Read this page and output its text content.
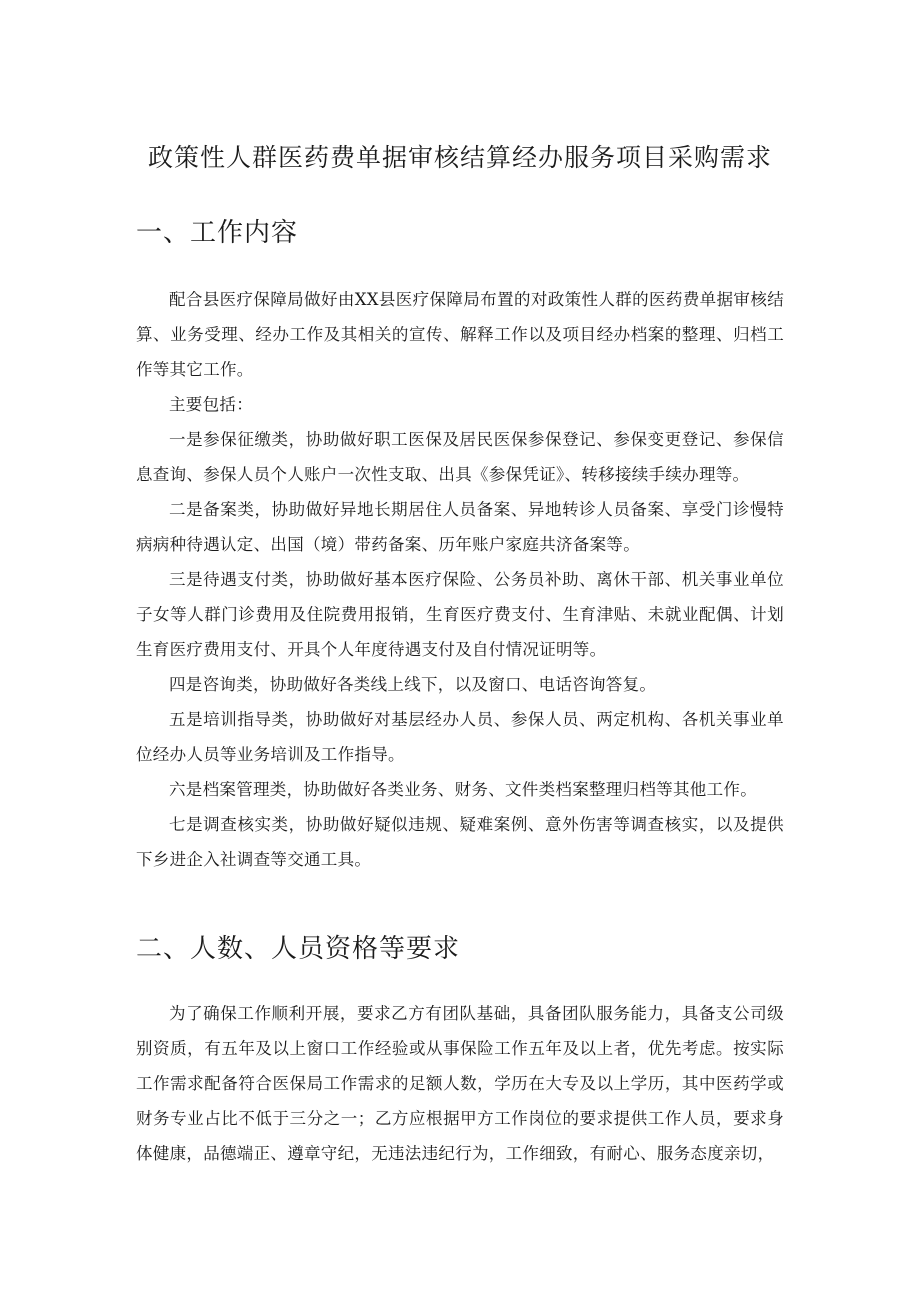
政策性人群医药费单据审核结算经办服务项目采购需求
一、工作内容

配合县医疗保障局做好由XX县医疗保障局布置的对政策性人群的医药费单据审核结算、业务受理、经办工作及其相关的宣传、解释工作以及项目经办档案的整理、归档工作等其它工作。

主要包括：

一是参保征缴类，协助做好职工医保及居民医保参保登记、参保变更登记、参保信息查询、参保人员个人账户一次性支取、出具《参保凭证》、转移接续手续办理等。

二是备案类，协助做好异地长期居住人员备案、异地转诊人员备案、享受门诊慢特病病种待遇认定、出国（境）带药备案、历年账户家庭共济备案等。

三是待遇支付类，协助做好基本医疗保险、公务员补助、离休干部、机关事业单位子女等人群门诊费用及住院费用报销，生育医疗费支付、生育津贴、未就业配偶、计划生育医疗费用支付、开具个人年度待遇支付及自付情况证明等。

四是咨询类，协助做好各类线上线下，以及窗口、电话咨询答复。

五是培训指导类，协助做好对基层经办人员、参保人员、两定机构、各机关事业单位经办人员等业务培训及工作指导。

六是档案管理类，协助做好各类业务、财务、文件类档案整理归档等其他工作。

七是调查核实类，协助做好疑似违规、疑难案例、意外伤害等调查核实，以及提供下乡进企入社调查等交通工具。

二、人数、人员资格等要求

为了确保工作顺利开展，要求乙方有团队基础，具备团队服务能力，具备支公司级别资质，有五年及以上窗口工作经验或从事保险工作五年及以上者，优先考虑。按实际工作需求配备符合医保局工作需求的足额人数，学历在大专及以上学历，其中医药学或财务专业占比不低于三分之一；乙方应根据甲方工作岗位的要求提供工作人员，要求身体健康，品德端正、遵章守纪，无违法违纪行为，工作细致，有耐心、服务态度亲切，
